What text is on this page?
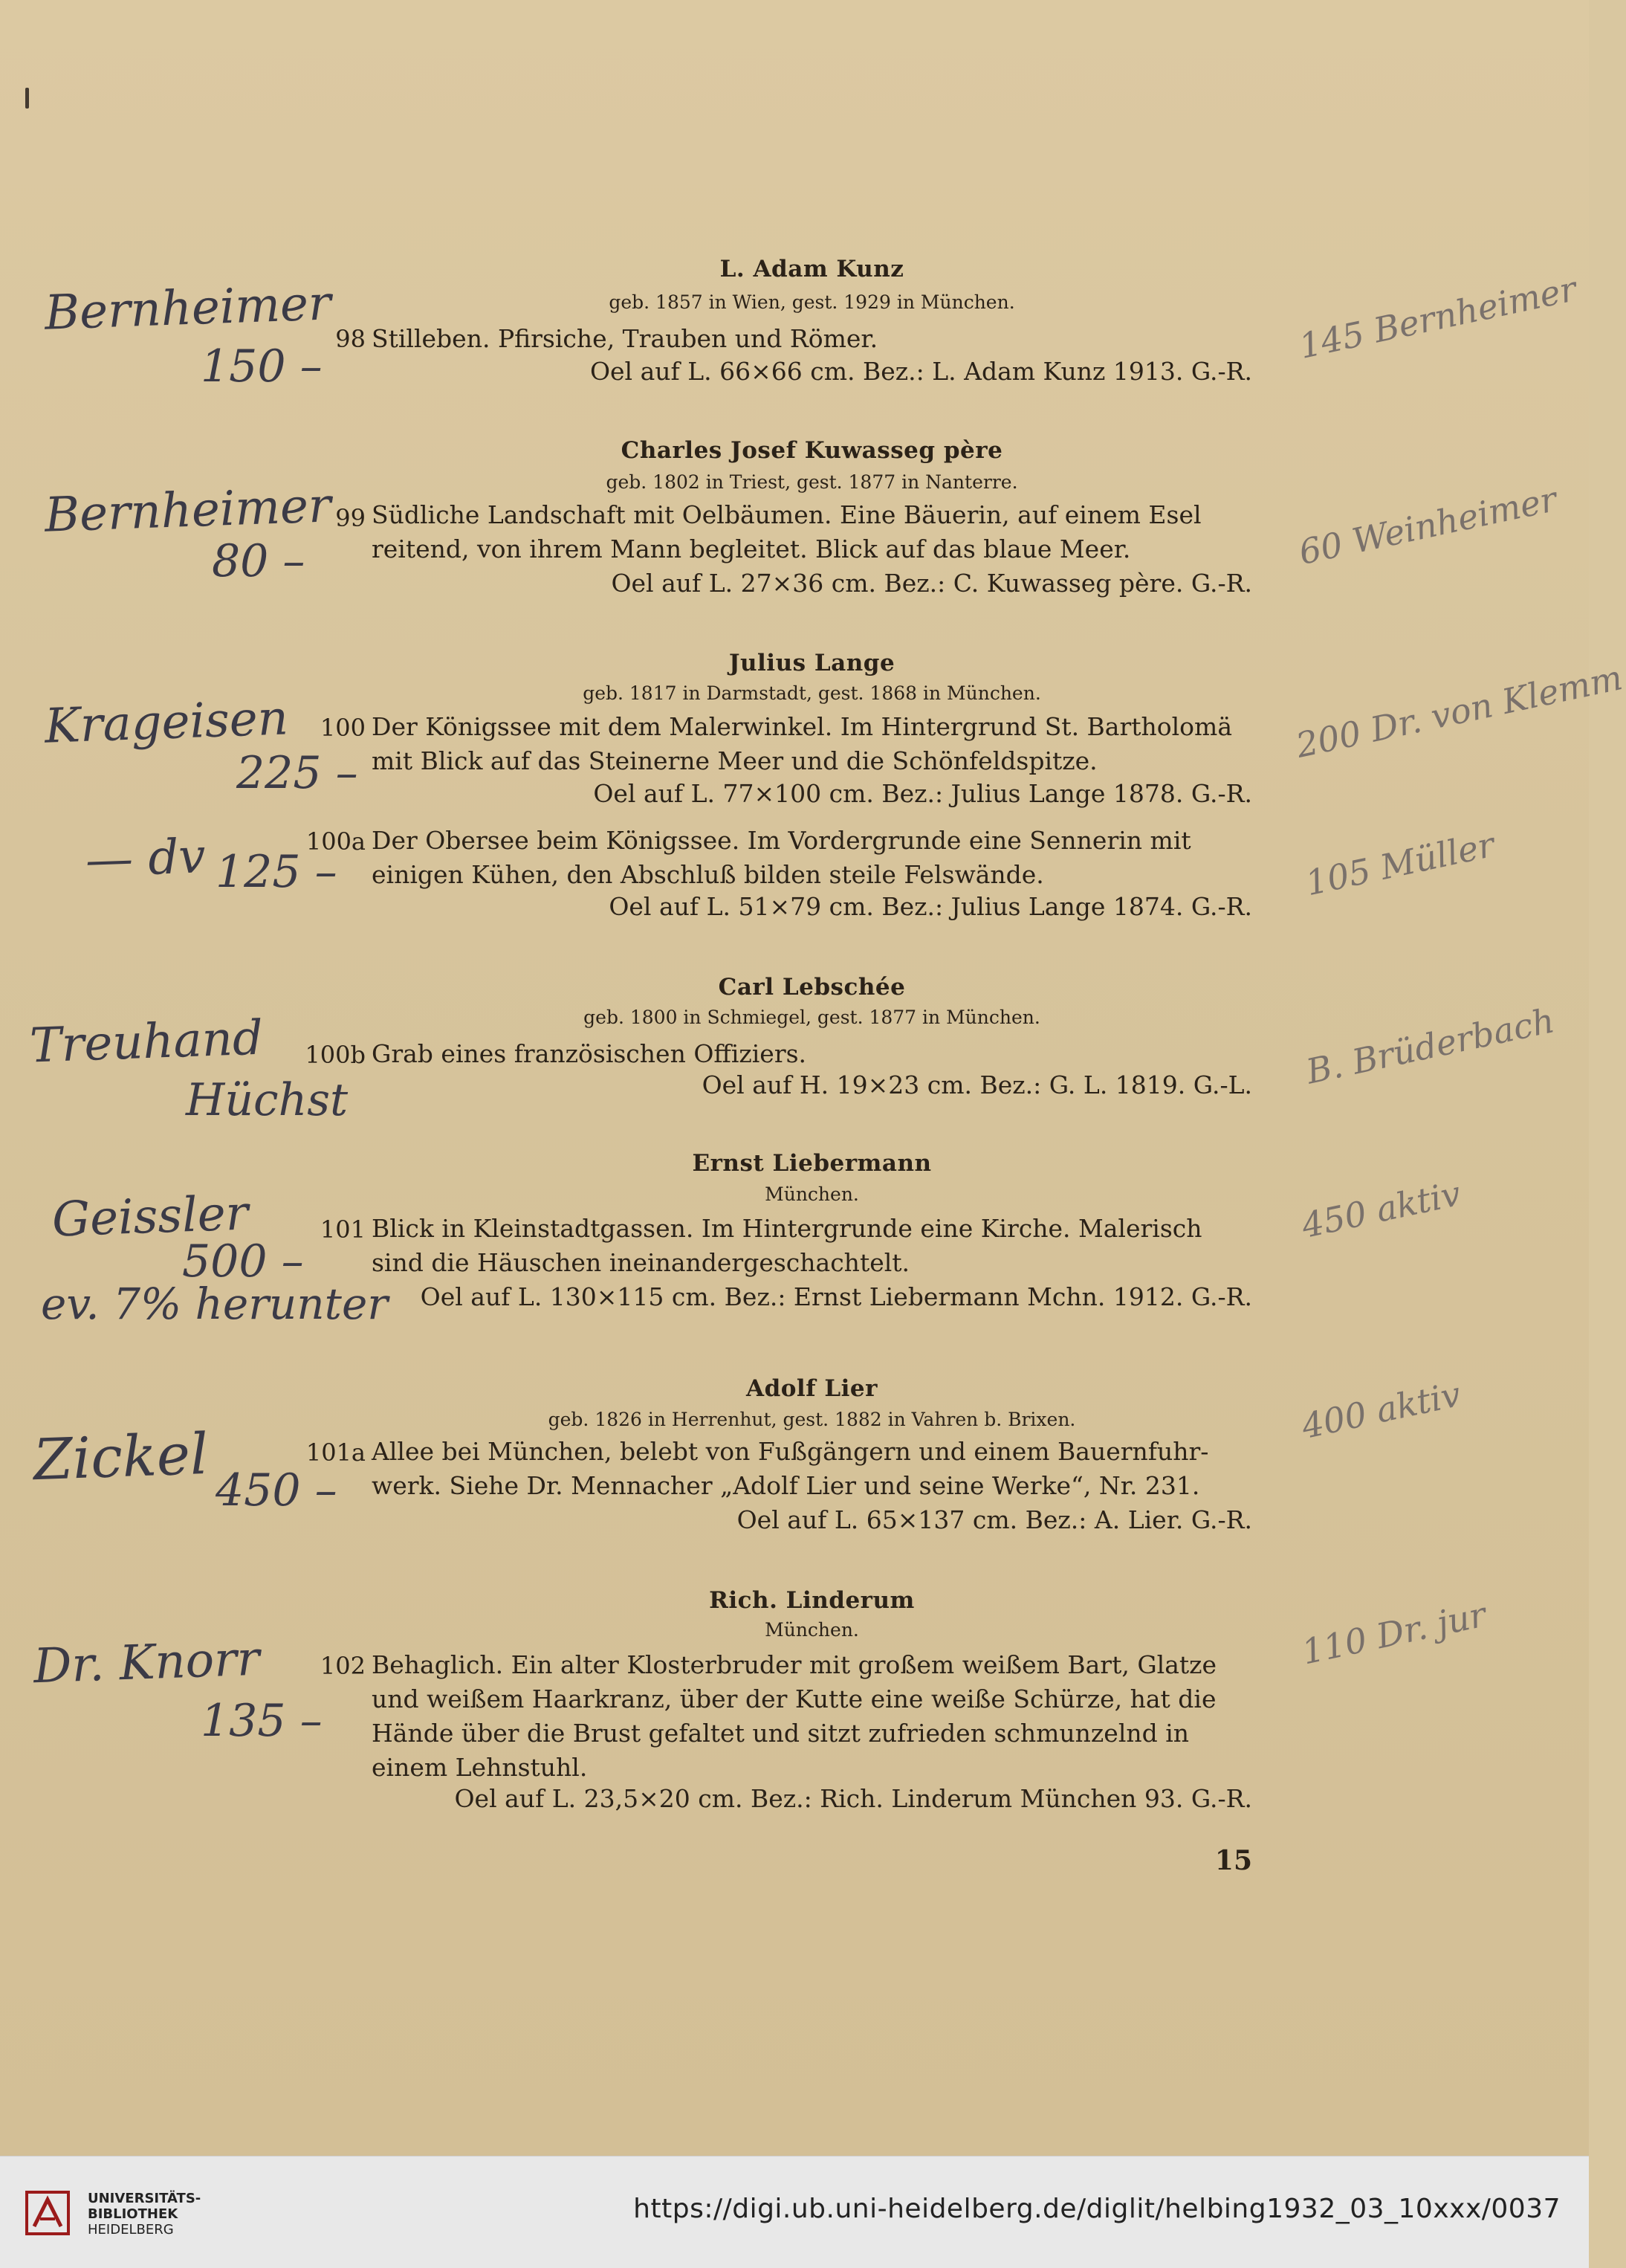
L. Adam Kunz
geb. 1857 in Wien, gest. 1929 in München.
98 Stilleben. Pfirsiche, Trauben und Römer.
Oel auf L. 66×66 cm. Bez.: L. Adam Kunz 1913. G.-R.
Bernheimer
150 –
145 Bernheimer
Charles Josef Kuwasseg père
geb. 1802 in Triest, gest. 1877 in Nanterre.
99 Südliche Landschaft mit Oelbäumen. Eine Bäuerin, auf einem Esel
reitend, von ihrem Mann begleitet. Blick auf das blaue Meer.
Oel auf L. 27×36 cm. Bez.: C. Kuwasseg père. G.-R.
Bernheimer
80 –	60 Weinheimer
Julius Lange
geb. 1817 in Darmstadt, gest. 1868 in München.
100 Der Königssee mit dem Malerwinkel. Im Hintergrund St. Bartholomä
mit Blick auf das Steinerne Meer und die Schönfeldspitze.
Oel auf L. 77×100 cm. Bez.: Julius Lange 1878. G.-R.
Krageisen
225 –
200 Dr. von Klemm
100a Der Obersee beim Königssee. Im Vordergrunde eine Sennerin mit
einigen Kühen, den Abschluß bilden steile Felswände.
Oel auf L. 51×79 cm. Bez.: Julius Lange 1874. G.-R.
— dv 125 –	105 Müller
Carl Lebschée
geb. 1800 in Schmiegel, gest. 1877 in München.
100b Grab eines französischen Offiziers.
Oel auf H. 19×23 cm. Bez.: G. L. 1819. G.-L.
Treuhand
Hüchst
B. Brüderbach
Ernst Liebermann
München.
101 Blick in Kleinstadtgassen. Im Hintergrunde eine Kirche. Malerisch
sind die Häuschen ineinandergeschachtelt.
Oel auf L. 130×115 cm. Bez.: Ernst Liebermann Mchn. 1912. G.-R.
Geissler
500 –
ev. 7% herunter
450 aktiv
Adolf Lier
geb. 1826 in Herrenhut, gest. 1882 in Vahren b. Brixen.
101a Allee bei München, belebt von Fußgängern und einem Bauernfuhr-
werk. Siehe Dr. Mennacher „Adolf Lier und seine Werke“, Nr. 231.
Oel auf L. 65×137 cm. Bez.: A. Lier. G.-R.
Zickel 450 –
400 aktiv
Rich. Linderum
München.
102 Behaglich. Ein alter Klosterbruder mit großem weißem Bart, Glatze
und weißem Haarkranz, über der Kutte eine weiße Schürze, hat die
Hände über die Brust gefaltet und sitzt zufrieden schmunzelnd in
einem Lehnstuhl.
Oel auf L. 23,5×20 cm. Bez.: Rich. Linderum München 93. G.-R.
Dr. Knorr
135 –
110 Dr. jur
15
UNIVERSITÄTS-
BIBLIOTHEK
HEIDELBERG
https://digi.ub.uni-heidelberg.de/diglit/helbing1932_03_10xxx/0037
